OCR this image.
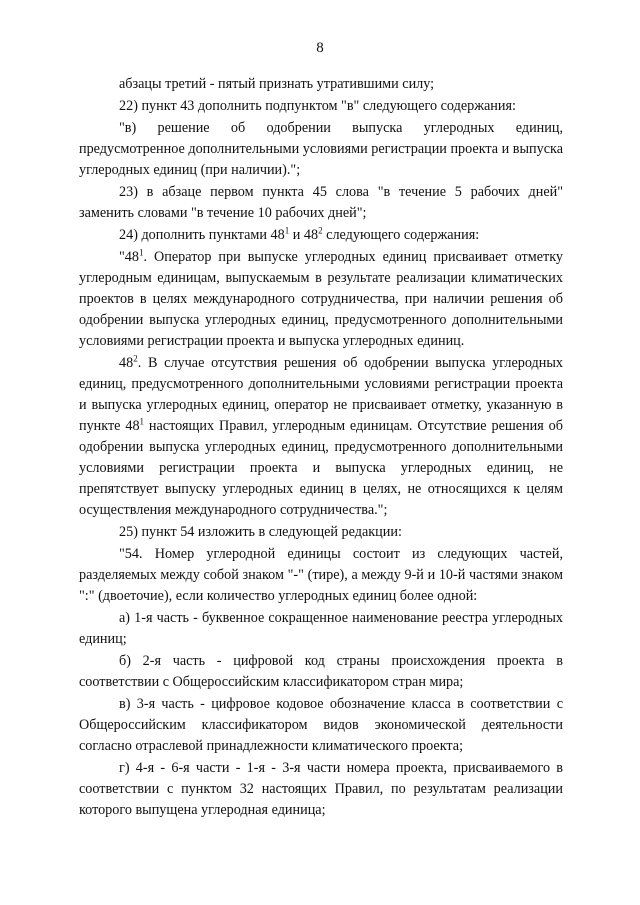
8

абзацы третий - пятый признать утратившими силу;

22) пункт 43 дополнить подпунктом "в" следующего содержания:

"в) решение об одобрении выпуска углеродных единиц, предусмотренное дополнительными условиями регистрации проекта и выпуска углеродных единиц (при наличии).";

23) в абзаце первом пункта 45 слова "в течение 5 рабочих дней" заменить словами "в течение 10 рабочих дней";

24) дополнить пунктами $48^1$ и $48^2$ следующего содержания:

"$48^1$. Оператор при выпуске углеродных единиц присваивает отметку углеродным единицам, выпускаемым в результате реализации климатических проектов в целях международного сотрудничества, при наличии решения об одобрении выпуска углеродных единиц, предусмотренного дополнительными условиями регистрации проекта и выпуска углеродных единиц.

$48^2$. В случае отсутствия решения об одобрении выпуска углеродных единиц, предусмотренного дополнительными условиями регистрации проекта и выпуска углеродных единиц, оператор не присваивает отметку, указанную в пункте $48^1$ настоящих Правил, углеродным единицам. Отсутствие решения об одобрении выпуска углеродных единиц, предусмотренного дополнительными условиями регистрации проекта и выпуска углеродных единиц, не препятствует выпуску углеродных единиц в целях, не относящихся к целям осуществления международного сотрудничества.";

25) пункт 54 изложить в следующей редакции:

"54. Номер углеродной единицы состоит из следующих частей, разделяемых между собой знаком "-" (тире), а между 9-й и 10-й частями знаком ":" (двоеточие), если количество углеродных единиц более одной:

а) 1-я часть - буквенное сокращенное наименование реестра углеродных единиц;

б) 2-я часть - цифровой код страны происхождения проекта в соответствии с Общероссийским классификатором стран мира;

в) 3-я часть - цифровое кодовое обозначение класса в соответствии с Общероссийским классификатором видов экономической деятельности согласно отраслевой принадлежности климатического проекта;

г) 4-я - 6-я части - 1-я - 3-я части номера проекта, присваиваемого в соответствии с пунктом 32 настоящих Правил, по результатам реализации которого выпущена углеродная единица;
